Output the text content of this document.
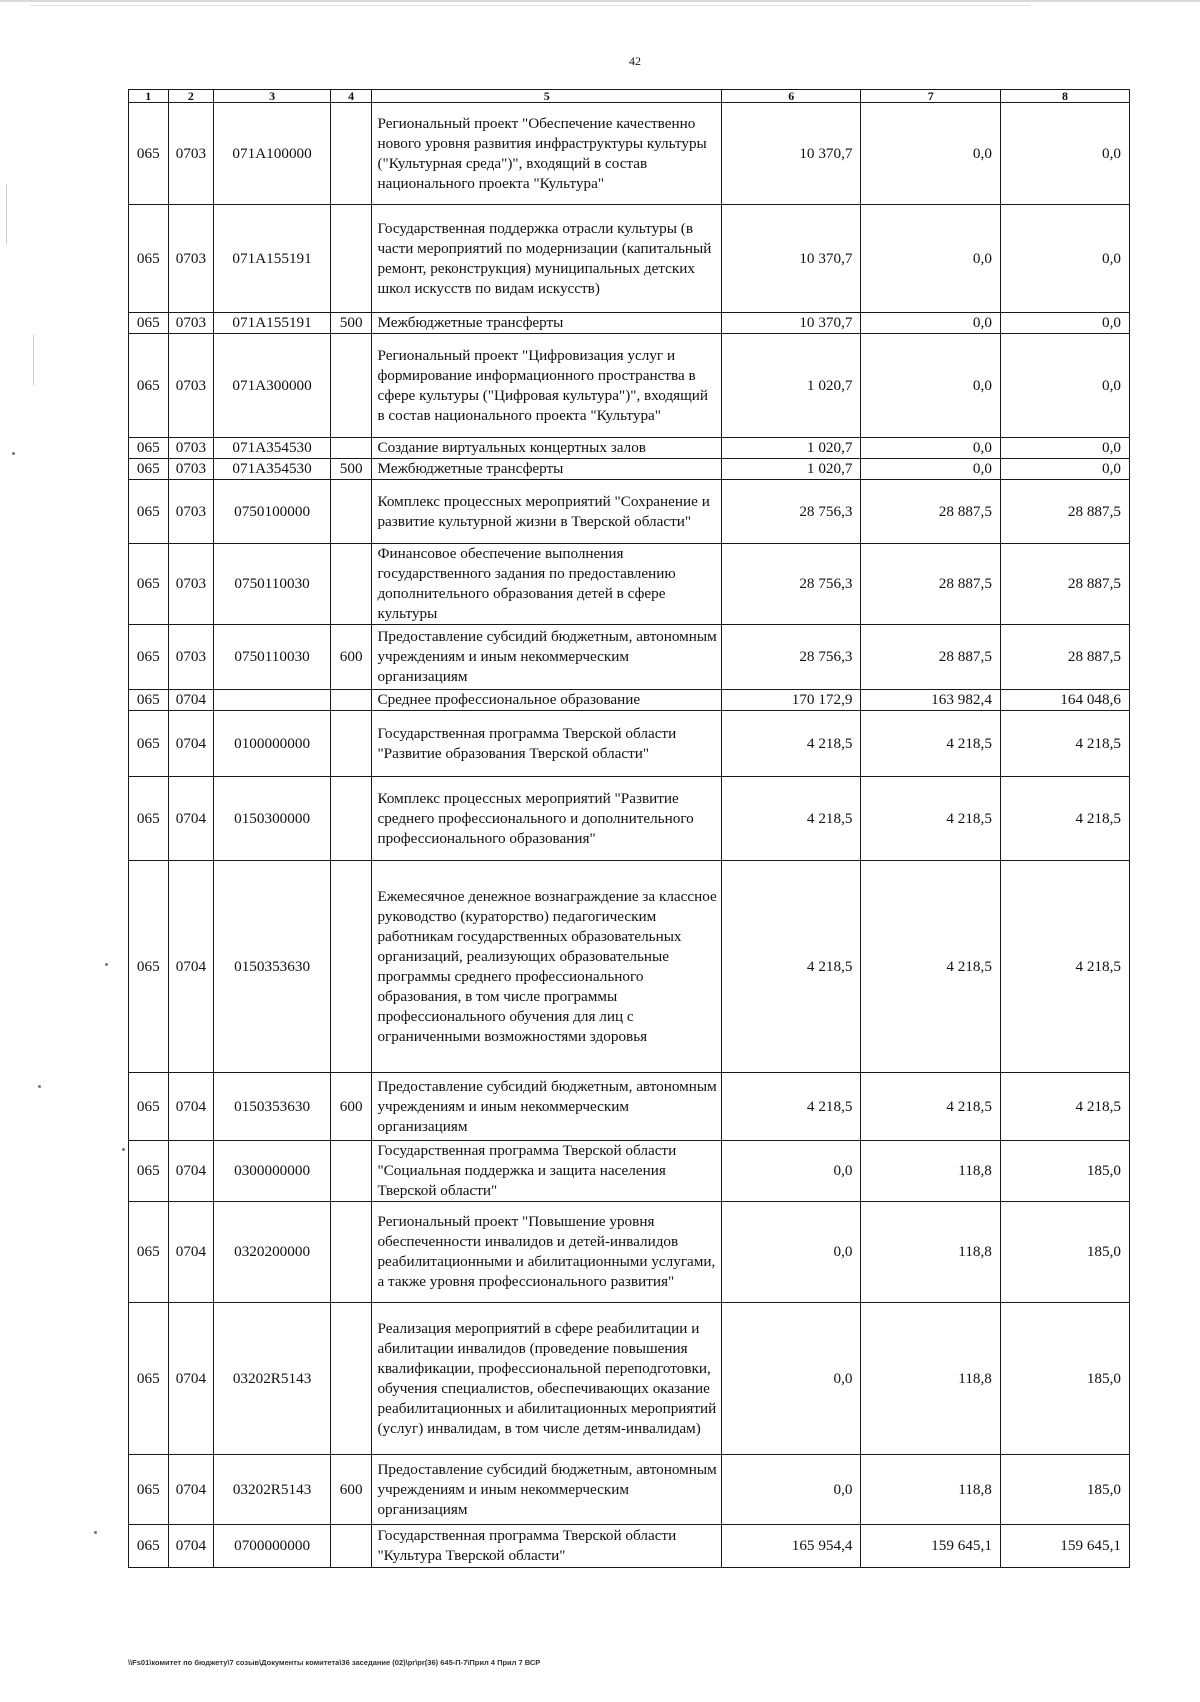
42
1	2	3	4	5	6	7	8
065	0703	071A100000		Региональный проект "Обеспечение качественно нового уровня развития инфраструктуры культуры ("Культурная среда")", входящий в состав национального проекта "Культура"	10 370,7	0,0	0,0
065	0703	071A155191		Государственная поддержка отрасли культуры (в части мероприятий по модернизации (капитальный ремонт, реконструкция) муниципальных детских школ искусств по видам искусств)	10 370,7	0,0	0,0
065	0703	071A155191	500	Межбюджетные трансферты	10 370,7	0,0	0,0
065	0703	071A300000		Региональный проект "Цифровизация услуг и формирование информационного пространства в сфере культуры ("Цифровая культура")", входящий в состав национального проекта "Культура"	1 020,7	0,0	0,0
065	0703	071A354530		Создание виртуальных концертных залов	1 020,7	0,0	0,0
065	0703	071A354530	500	Межбюджетные трансферты	1 020,7	0,0	0,0
065	0703	0750100000		Комплекс процессных мероприятий "Сохранение и развитие культурной жизни в Тверской области"	28 756,3	28 887,5	28 887,5
065	0703	0750110030		Финансовое обеспечение выполнения государственного задания по предоставлению дополнительного образования детей в сфере культуры	28 756,3	28 887,5	28 887,5
065	0703	0750110030	600	Предоставление субсидий бюджетным, автономным учреждениям и иным некоммерческим организациям	28 756,3	28 887,5	28 887,5
065	0704			Среднее профессиональное образование	170 172,9	163 982,4	164 048,6
065	0704	0100000000		Государственная программа Тверской области "Развитие образования Тверской области"	4 218,5	4 218,5	4 218,5
065	0704	0150300000		Комплекс процессных мероприятий "Развитие среднего профессионального и дополнительного профессионального образования"	4 218,5	4 218,5	4 218,5
065	0704	0150353630		Ежемесячное денежное вознаграждение за классное руководство (кураторство) педагогическим работникам государственных образовательных организаций, реализующих образовательные программы среднего профессионального образования, в том числе программы профессионального обучения для лиц с ограниченными возможностями здоровья	4 218,5	4 218,5	4 218,5
065	0704	0150353630	600	Предоставление субсидий бюджетным, автономным учреждениям и иным некоммерческим организациям	4 218,5	4 218,5	4 218,5
065	0704	0300000000		Государственная программа Тверской области "Социальная поддержка и защита населения Тверской области"	0,0	118,8	185,0
065	0704	0320200000		Региональный проект "Повышение уровня обеспеченности инвалидов и детей-инвалидов реабилитационными и абилитационными услугами, а также уровня профессионального развития"	0,0	118,8	185,0
065	0704	03202R5143		Реализация мероприятий в сфере реабилитации и абилитации инвалидов (проведение повышения квалификации, профессиональной переподготовки, обучения специалистов, обеспечивающих оказание реабилитационных и абилитационных мероприятий (услуг) инвалидам, в том числе детям-инвалидам)	0,0	118,8	185,0
065	0704	03202R5143	600	Предоставление субсидий бюджетным, автономным учреждениям и иным некоммерческим организациям	0,0	118,8	185,0
065	0704	0700000000		Государственная программа Тверской области "Культура Тверской области"	165 954,4	159 645,1	159 645,1
\\Fs01\комитет по бюджету\7 созыв\Документы комитета\36 заседание (02)\pr\pr(36) 645-П-7\Прил 4 Прил 7 ВСР
